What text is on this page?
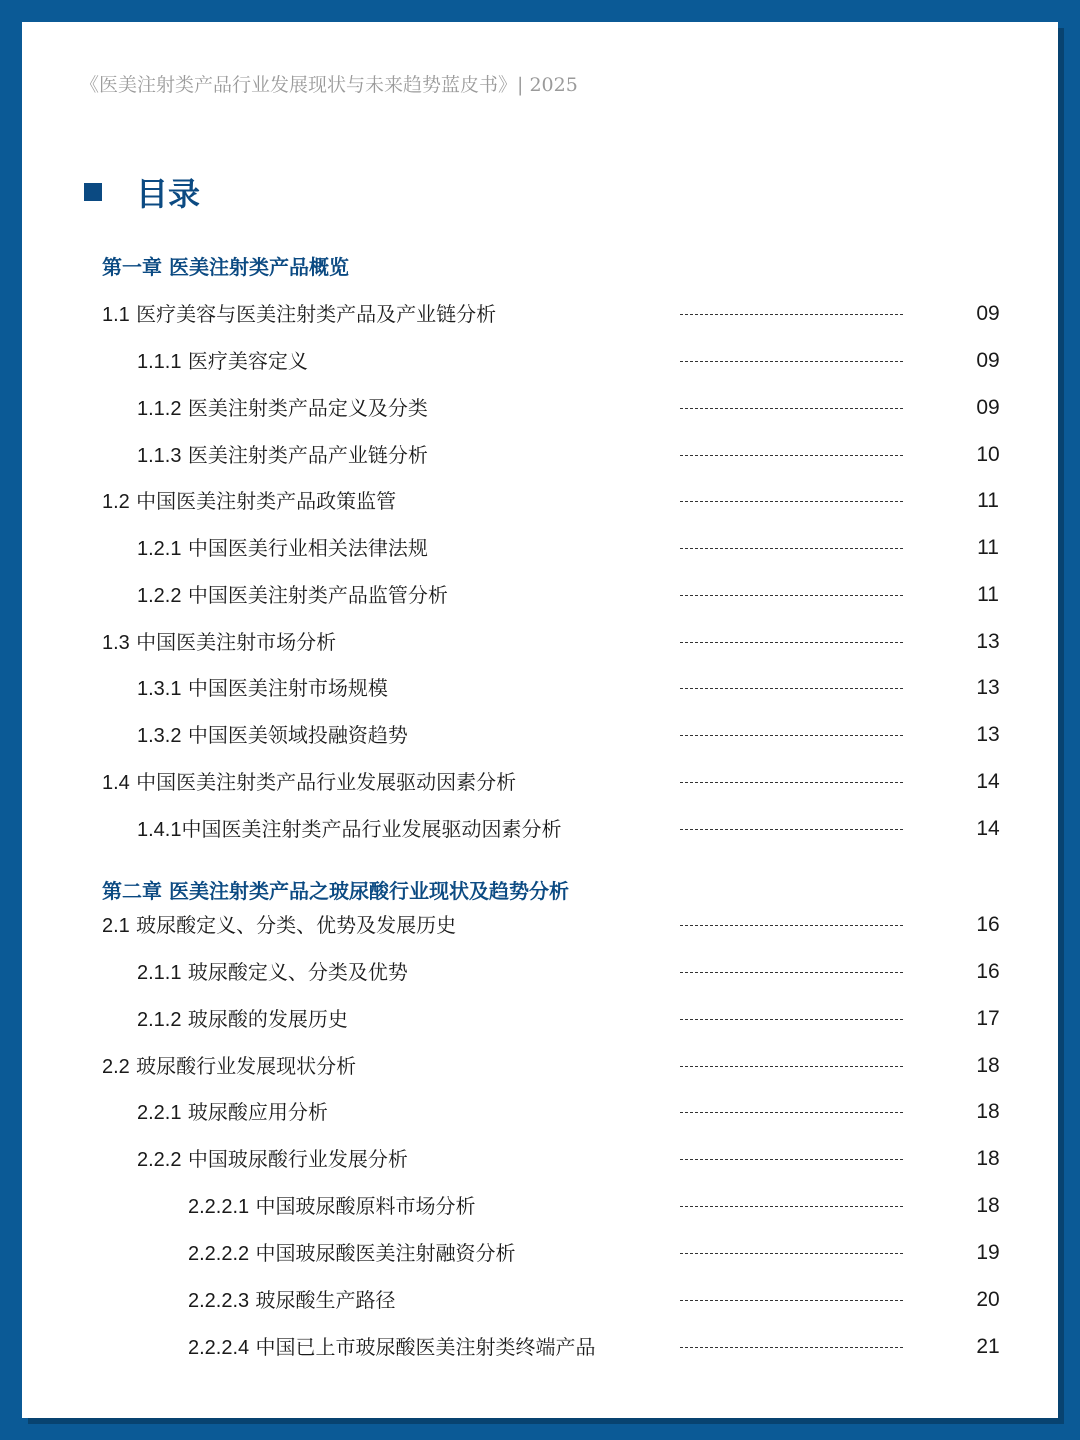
《医美注射类产品行业发展现状与未来趋势蓝皮书》| 2025
目录
第一章 医美注射类产品概览
1.1 医疗美容与医美注射类产品及产业链分析	09
1.1.1 医疗美容定义	09
1.1.2 医美注射类产品定义及分类	09
1.1.3 医美注射类产品产业链分析	10
1.2 中国医美注射类产品政策监管	11
1.2.1 中国医美行业相关法律法规	11
1.2.2 中国医美注射类产品监管分析	11
1.3 中国医美注射市场分析	13
1.3.1 中国医美注射市场规模	13
1.3.2 中国医美领域投融资趋势	13
1.4 中国医美注射类产品行业发展驱动因素分析	14
1.4.1中国医美注射类产品行业发展驱动因素分析	14
第二章 医美注射类产品之玻尿酸行业现状及趋势分析
2.1 玻尿酸定义、分类、优势及发展历史	16
2.1.1 玻尿酸定义、分类及优势	16
2.1.2 玻尿酸的发展历史	17
2.2 玻尿酸行业发展现状分析	18
2.2.1 玻尿酸应用分析	18
2.2.2 中国玻尿酸行业发展分析	18
2.2.2.1 中国玻尿酸原料市场分析	18
2.2.2.2 中国玻尿酸医美注射融资分析	19
2.2.2.3 玻尿酸生产路径	20
2.2.2.4 中国已上市玻尿酸医美注射类终端产品	21
